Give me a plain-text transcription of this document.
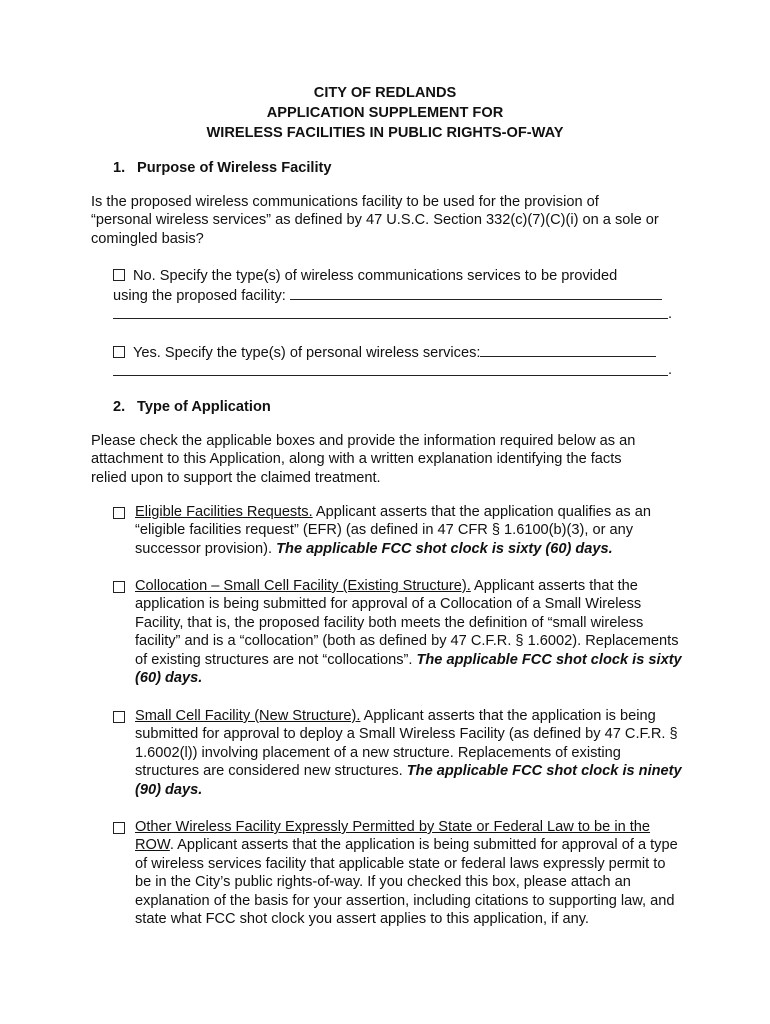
CITY OF REDLANDS
APPLICATION SUPPLEMENT FOR
WIRELESS FACILITIES IN PUBLIC RIGHTS-OF-WAY
1. Purpose of Wireless Facility
Is the proposed wireless communications facility to be used for the provision of
“personal wireless services” as defined by 47 U.S.C. Section 332(c)(7)(C)(i) on a sole or
comingled basis?
No. Specify the type(s) of wireless communications services to be provided
using the proposed facility:
.
Yes. Specify the type(s) of personal wireless services:
.
2. Type of Application
Please check the applicable boxes and provide the information required below as an
attachment to this Application, along with a written explanation identifying the facts
relied upon to support the claimed treatment.
Eligible Facilities Requests. Applicant asserts that the application qualifies as an “eligible facilities request” (EFR) (as defined in 47 CFR § 1.6100(b)(3), or any successor provision). The applicable FCC shot clock is sixty (60) days.
Collocation – Small Cell Facility (Existing Structure). Applicant asserts that the application is being submitted for approval of a Collocation of a Small Wireless Facility, that is, the proposed facility both meets the definition of “small wireless facility” and is a “collocation” (both as defined by 47 C.F.R. § 1.6002). Replacements of existing structures are not “collocations”. The applicable FCC shot clock is sixty (60) days.
Small Cell Facility (New Structure). Applicant asserts that the application is being submitted for approval to deploy a Small Wireless Facility (as defined by 47 C.F.R. § 1.6002(l)) involving placement of a new structure. Replacements of existing structures are considered new structures. The applicable FCC shot clock is ninety (90) days.
Other Wireless Facility Expressly Permitted by State or Federal Law to be in the ROW. Applicant asserts that the application is being submitted for approval of a type of wireless services facility that applicable state or federal laws expressly permit to be in the City’s public rights-of-way. If you checked this box, please attach an explanation of the basis for your assertion, including citations to supporting law, and state what FCC shot clock you assert applies to this application, if any.
